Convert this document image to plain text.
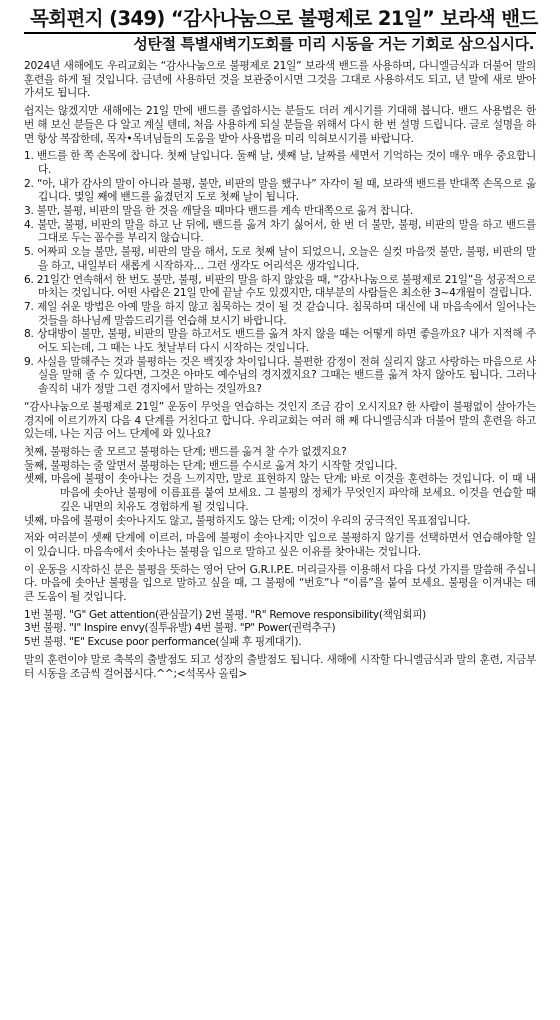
목회편지 (349) “감사나눔으로 불평제로 21일” 보라색 밴드
성탄절 특별새벽기도회를 미리 시동을 거는 기회로 삼으십시다.

2024년 새해에도 우리교회는 “감사나눔으로 불평제로 21일” 보라색 밴드를 사용하며, 다니엘금식과 더불어 말의 훈련을 하게 될 것입니다. 금년에 사용하던 것을 보관중이시면 그것을 그대로 사용하셔도 되고, 년 말에 새로 받아 가셔도 됩니다.

쉽지는 않겠지만 새해에는 21일 만에 밴드를 졸업하시는 분들도 더러 계시기를 기대해 봅니다. 밴드 사용법은 한 번 해 보신 분들은 다 알고 계실 텐데, 처음 사용하게 되실 분들을 위해서 다시 한 번 설명 드립니다. 글로 설명을 하면 항상 복잡한데, 목자•목녀님들의 도움을 받아 사용법을 미리 익혀보시기를 바랍니다.

1. 밴드를 한 쪽 손목에 찹니다. 첫째 날입니다. 둘째 날, 셋째 날, 날짜를 세면서 기억하는 것이 매우 매우 중요합니다.
2. “아, 내가 감사의 말이 아니라 불평, 불만, 비판의 말을 했구나” 자각이 될 때, 보라색 밴드를 반대쪽 손목으로 옮깁니다. 몇일 째에 밴드를 옮겼던지 도로 첫째 날이 됩니다.
3. 불만, 불평, 비판의 말을 한 것을 깨달을 때마다 밴드를 계속 반대쪽으로 옮겨 찹니다.
4. 불만, 불평, 비판의 말을 하고 난 뒤에, 밴드를 옮겨 차기 싫어서, 한 번 더 불만, 불평, 비판의 말을 하고 밴드를 그대로 두는 꼼수를 부리지 않습니다.
5. 어짜피 오늘 불만, 불평, 비판의 말을 해서, 도로 첫째 날이 되었으니, 오늘은 실컷 마음껏 불만, 불평, 비판의 말을 하고, 내일부터 새롭게 시작하자… 그런 생각도 어리석은 생각입니다.
6. 21일간 연속해서 한 번도 불만, 불평, 비판의 말을 하지 않았을 때, “감사나눔으로 불평제로 21일”을 성공적으로 마치는 것입니다. 어떤 사람은 21일 만에 끝날 수도 있겠지만, 대부분의 사람들은 최소한 3~4개월이 걸립니다.
7. 제일 쉬운 방법은 아예 말을 하지 않고 침묵하는 것이 될 것 같습니다. 침묵하며 대신에 내 마음속에서 일어나는 것들을 하나님께 말씀드리기를 연습해 보시기 바랍니다.
8. 상대방이 불만, 불평, 비판의 말을 하고서도 밴드를 옮겨 차지 않을 때는 어떻게 하면 좋을까요? 내가 지적해 주어도 되는데, 그 때는 나도 첫날부터 다시 시작하는 것입니다.
9. 사실을 말해주는 것과 불평하는 것은 백짓장 차이입니다. 불편한 감정이 전혀 실리지 않고 사랑하는 마음으로 사실을 말해 줄 수 있다면, 그것은 아마도 예수님의 경지겠지요? 그때는 밴드를 옮겨 차지 않아도 됩니다. 그러나 솔직히 내가 정말 그런 경지에서 말하는 것일까요?

“감사나눔으로 불평제로 21일” 운동이 무엇을 연습하는 것인지 조금 감이 오시지요? 한 사람이 불평없이 살아가는 경지에 이르기까지 다음 4 단계를 거친다고 합니다. 우리교회는 여러 해 째 다니엘금식과 더불어 말의 훈련을 하고 있는데, 나는 지금 어느 단계에 와 있나요?

첫째, 불평하는 줄 모르고 불평하는 단계; 밴드를 옮겨 찰 수가 없겠지요?
둘째, 불평하는 줄 알면서 불평하는 단계; 밴드를 수시로 옮겨 차기 시작할 것입니다.
셋째, 마음에 불평이 솟아나는 것을 느끼지만, 말로 표현하지 않는 단계; 바로 이것을 훈련하는 것입니다. 이 때 내 마음에 솟아난 불평에 이름표를 붙여 보세요. 그 불평의 정체가 무엇인지 파악해 보세요. 이것을 연습할 때 깊은 내면의 치유도 경험하게 될 것입니다.
넷째, 마음에 불평이 솟아나지도 않고, 불평하지도 않는 단계; 이것이 우리의 궁극적인 목표점입니다.

저와 여러분이 셋째 단계에 이르러, 마음에 불평이 솟아나지만 입으로 불평하지 않기를 선택하면서 연습해야할 일이 있습니다. 마음속에서 솟아나는 불평을 입으로 말하고 싶은 이유를 찾아내는 것입니다.

이 운동을 시작하신 분은 불평을 뜻하는 영어 단어 G.R.I.P.E. 머리글자를 이용해서 다음 다섯 가지를 말씀해 주십니다. 마음에 솟아난 불평을 입으로 말하고 싶을 때, 그 불평에 “번호”나 “이름”을 붙여 보세요. 불평을 이겨내는 데 큰 도움이 될 것입니다.

1번 불평. "G" Get attention(관심끌기) 2번 불평. "R" Remove responsibility(책임회피)
3번 불평. "I" Inspire envy(질투유발) 4번 불평. "P" Power(권력추구)
5번 불평. "E" Excuse poor performance(실패 후 핑계대기).

말의 훈련이야 말로 축복의 출발점도 되고 성장의 출발점도 됩니다. 새해에 시작할 다니엘금식과 말의 훈련, 지금부터 시동을 조금씩 걸어봅시다.^^;<석목사 올림>
